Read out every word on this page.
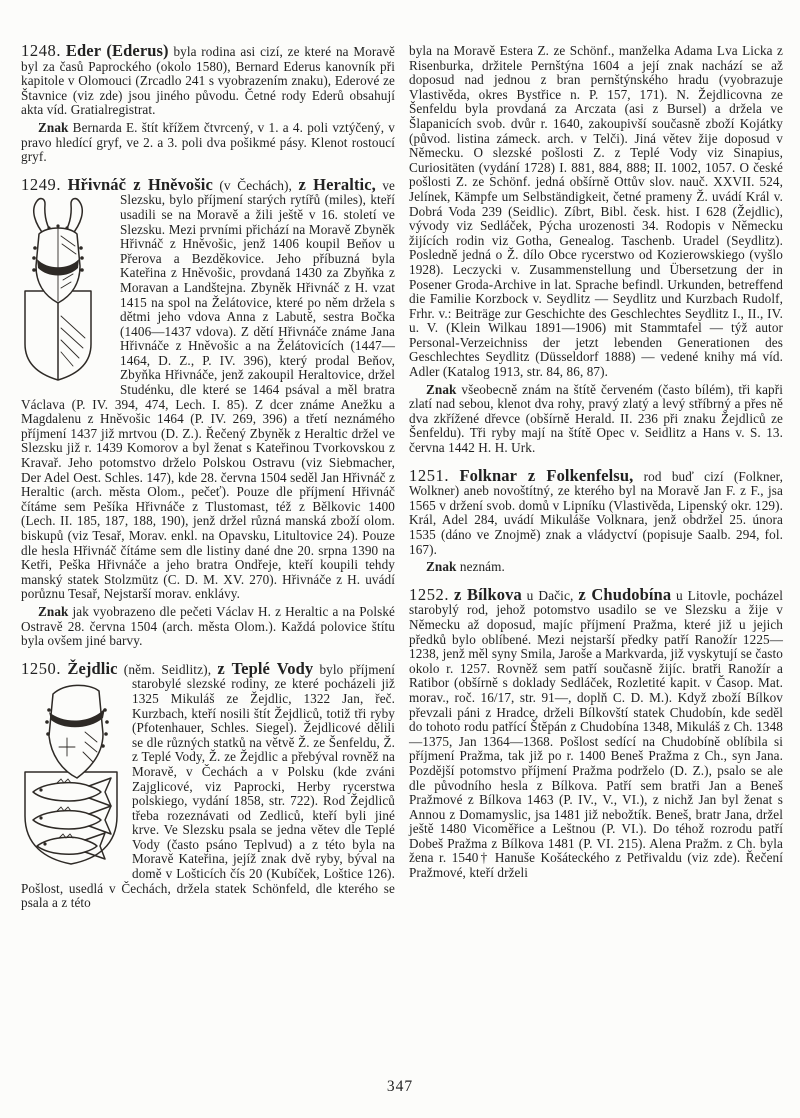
1248. Eder (Ederus) byla rodina asi cizí, ze které na Moravě byl za časů Paprockého (okolo 1580), Bernard Ederus kanovník při kapitole v Olomouci (Zrcadlo 241 s vyobrazením znaku), Ederové ze Štavnice (viz zde) jsou jiného původu. Četné rody Ederů obsahují akta víd. Gratialregistrat.

Znak Bernarda E. štít křížem čtvrcený, v 1. a 4. poli vztýčený, v pravo hledící gryf, ve 2. a 3. poli dva pošikmé pásy. Klenot rostoucí gryf.

1249. Hřivnáč z Hněvošic (v Čechách), z Heraltic, ve Slezsku, bylo příjmení starých rytířů (miles), kteří usadili se na Moravě a žili ještě v 16. století ve Slezsku. Mezi prvními přichází na Moravě Zbyněk Hřivnáč z Hněvošic, jenž 1406 koupil Beňov u Přerova a Bezděkovice. Jeho příbuzná byla Kateřina z Hněvošic, provdaná 1430 za Zbyňka z Moravan a Landštejna. Zbyněk Hřivnáč z H. vzat 1415 na spol na Želátovice, které po něm držela s dětmi jeho vdova Anna z Labutě, sestra Bočka (1406—1437 vdova). Z dětí Hřivnáče známe Jana Hřivnáče z Hněvošic a na Želátovicích (1447—1464, D. Z., P. IV. 396), který prodal Beňov, Zbyňka Hřivnáče, jenž zakoupil Heraltovice, držel Studénku, dle které se 1464 psával a měl bratra Václava (P. IV. 394, 474, Lech. I. 85). Z dcer známe Anežku a Magdalenu z Hněvošic 1464 (P. IV. 269, 396) a třetí neznámého příjmení 1437 již mrtvou (D. Z.). Řečený Zbyněk z Heraltic držel ve Slezsku již r. 1439 Komorov a byl ženat s Kateřinou Tvorkovskou z Kravař. Jeho potomstvo drželo Polskou Ostravu (viz Siebmacher, Der Adel Oest. Schles. 147), kde 28. června 1504 seděl Jan Hřivnáč z Heraltic (arch. města Olom., pečeť). Pouze dle příjmení Hřivnáč čítáme sem Pešíka Hřivnáče z Tlustomast, též z Bělkovic 1400 (Lech. II. 185, 187, 188, 190), jenž držel různá manská zboží olom. biskupů (viz Tesař, Morav. enkl. na Opavsku, Litultovice 24). Pouze dle hesla Hřivnáč čítáme sem dle listiny dané dne 20. srpna 1390 na Ketři, Peška Hřivnáče a jeho bratra Ondřeje, kteří koupili tehdy manský statek Stolzmütz (C. D. M. XV. 270). Hřivnáče z H. uvádí porůznu Tesař, Nejstarší morav. enklávy.

Znak jak vyobrazeno dle pečeti Václav H. z Heraltic a na Polské Ostravě 28. června 1504 (arch. města Olom.). Každá polovice štítu byla ovšem jiné barvy.

1250. Žejdlic (něm. Seidlitz), z Teplé Vody bylo příjmení starobylé slezské rodiny, ze které pocházeli již 1325 Mikuláš ze Žejdlic, 1322 Jan, řeč. Kurzbach, kteří nosili štít Žejdliců, totiž tři ryby (Pfotenhauer, Schles. Siegel). Žejdlicové dělili se dle různých statků na větvě Ž. ze Šenfeldu, Ž. z Teplé Vody, Ž. ze Žejdlic a přebýval rovněž na Moravě, v Čechách a v Polsku (kde zváni Zajglicové, viz Paprocki, Herby rycerstwa polskiego, vydání 1858, str. 722). Rod Žejdliců třeba rozeznávati od Zedliců, kteří byli jiné krve. Ve Slezsku psala se jedna větev dle Teplé Vody (často psáno Teplvud) a z této byla na Moravě Kateřina, jejíž znak dvě ryby, býval na domě v Lošticích čís 20 (Kubíček, Loštice 126). Pošlost, usedlá v Čechách, držela statek Schönfeld, dle kterého se psala a z této

byla na Moravě Estera Z. ze Schönf., manželka Adama Lva Licka z Risenburka, držitele Pernštýna 1604 a její znak nachází se až doposud nad jednou z bran pernštýnského hradu (vyobrazuje Vlastivěda, okres Bystřice n. P. 157, 171). N. Žejdlicovna ze Šenfeldu byla provdaná za Arczata (asi z Bursel) a držela ve Šlapanicích svob. dvůr r. 1640, zakoupivší současně zboží Kojátky (původ. listina zámeck. arch. v Telči). Jiná větev žije doposud v Německu. O slezské pošlosti Z. z Teplé Vody viz Sinapius, Curiositäten (vydání 1728) I. 881, 884, 888; II. 1002, 1057. O české pošlosti Z. ze Schönf. jedná obšírně Ottův slov. nauč. XXVII. 524, Jelínek, Kämpfe um Selbständigkeit, četné prameny Ž. uvádí Král v. Dobrá Voda 239 (Seidlic). Zíbrt, Bibl. česk. hist. I 628 (Žejdlic), vývody viz Sedláček, Pýcha urozenosti 34. Rodopis v Německu žijících rodin viz Gotha, Genealog. Taschenb. Uradel (Seydlitz). Posledně jedná o Ž. dílo Obce rycerstwo od Kozierowskiego (vyšlo 1928). Leczycki v. Zusammenstellung und Übersetzung der in Posener Groda-Archive in lat. Sprache befindl. Urkunden, betreffend die Familie Korzbock v. Seydlitz — Seydlitz und Kurzbach Rudolf, Frhr. v.: Beiträge zur Geschichte des Geschlechtes Seydlitz I., II., IV. u. V. (Klein Wilkau 1891—1906) mit Stammtafel — týž autor Personal-Verzeichniss der jetzt lebenden Generationen des Geschlechtes Seydlitz (Düsseldorf 1888) — vedené knihy má víd. Adler (Katalog 1913, str. 84, 86, 87).

Znak všeobecně znám na štítě červeném (často bílém), tři kapři zlatí nad sebou, klenot dva rohy, pravý zlatý a levý stříbrný a přes ně dva zkřížené dřevce (obšírně Herald. II. 236 při znaku Žejdliců ze Šenfeldu). Tři ryby mají na štítě Opec v. Seidlitz a Hans v. S. 13. června 1442 H. H. Urk.

1251. Folknar z Folkenfelsu, rod buď cizí (Folkner, Wolkner) aneb novoštítný, ze kterého byl na Moravě Jan F. z F., jsa 1565 v držení svob. domů v Lipníku (Vlastivěda, Lipenský okr. 129). Král, Adel 284, uvádí Mikuláše Volknara, jenž obdržel 25. února 1535 (dáno ve Znojmě) znak a vládyctví (popisuje Saalb. 294, fol. 167).

Znak neznám.

1252. z Bílkova u Dačic, z Chudobína u Litovle, pocházel starobylý rod, jehož potomstvo usadilo se ve Slezsku a žije v Německu až doposud, majíc příjmení Pražma, které již u jejich předků bylo oblíbené. Mezi nejstarší předky patří Ranožír 1225—1238, jenž měl syny Smila, Jaroše a Markvarda, již vyskytují se často okolo r. 1257. Rovněž sem patří současně žijíc. bratři Ranožír a Ratibor (obšírně s doklady Sedláček, Rozletité kapit. v Časop. Mat. morav., roč. 16/17, str. 91—, doplň C. D. M.). Když zboží Bílkov převzali páni z Hradce, drželi Bílkovští statek Chudobín, kde seděl do tohoto rodu patřící Štěpán z Chudobína 1348, Mikuláš z Ch. 1348—1375, Jan 1364—1368. Pošlost sedící na Chudobíně oblíbila si příjmení Pražma, tak již po r. 1400 Beneš Pražma z Ch., syn Jana. Pozdější potomstvo příjmení Pražma podrželo (D. Z.), psalo se ale dle původního hesla z Bílkova. Patří sem bratři Jan a Beneš Pražmové z Bílkova 1463 (P. IV., V., VI.), z nichž Jan byl ženat s Annou z Domamyslic, jsa 1481 již nebožtík. Beneš, bratr Jana, držel ještě 1480 Vicoměřice a Leštnou (P. VI.). Do téhož rozrodu patří Dobeš Pražma z Bílkova 1481 (P. VI. 215). Alena Pražm. z Ch. byla žena r. 1540† Hanuše Košáteckého z Petřivaldu (viz zde). Řečení Pražmové, kteří drželi

347
